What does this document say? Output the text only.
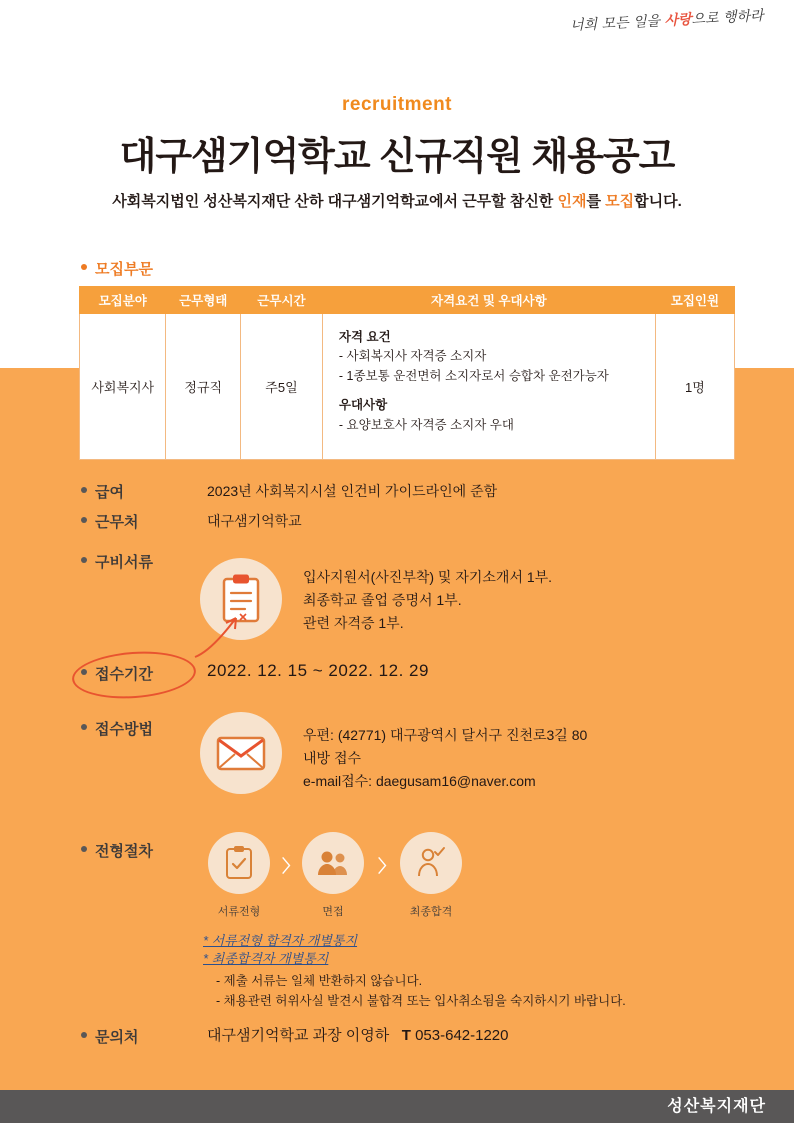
너희 모든 일을 사랑으로 행하라
recruitment
대구샘기억학교 신규직원 채용공고
사회복지법인 성산복지재단 산하 대구샘기억학교에서 근무할 참신한 인재를 모집합니다.
모집부문
모집분야	근무형태	근무시간	자격요건 및 우대사항	모집인원
사회복지사	정규직	주5일	자격 요건
- 사회복지사 자격증 소지자
- 1종보통 운전면허 소지자로서 승합차 운전가능자
우대사항
- 요양보호사 자격증 소지자 우대	1명
급여	2023년 사회복지시설 인건비 가이드라인에 준함
근무처	대구샘기억학교
구비서류
입사지원서(사진부착) 및 자기소개서 1부.
최종학교 졸업 증명서 1부.
관련 자격증 1부.
접수기간	2022. 12. 15 ~ 2022. 12. 29
접수방법	우편: (42771) 대구광역시 달서구 진천로3길 80
내방 접수
e-mail접수: daegusam16@naver.com
전형절차
〉	〉
서류전형	면접	최종합격
* 서류전형 합격자 개별통지
* 최종합격자 개별통지
- 제출 서류는 일체 반환하지 않습니다.
- 채용관련 허위사실 발견시 불합격 또는 입사취소됨을 숙지하시기 바랍니다.
문의처	대구샘기억학교 과장 이영하 T 053-642-1220
성산복지재단
